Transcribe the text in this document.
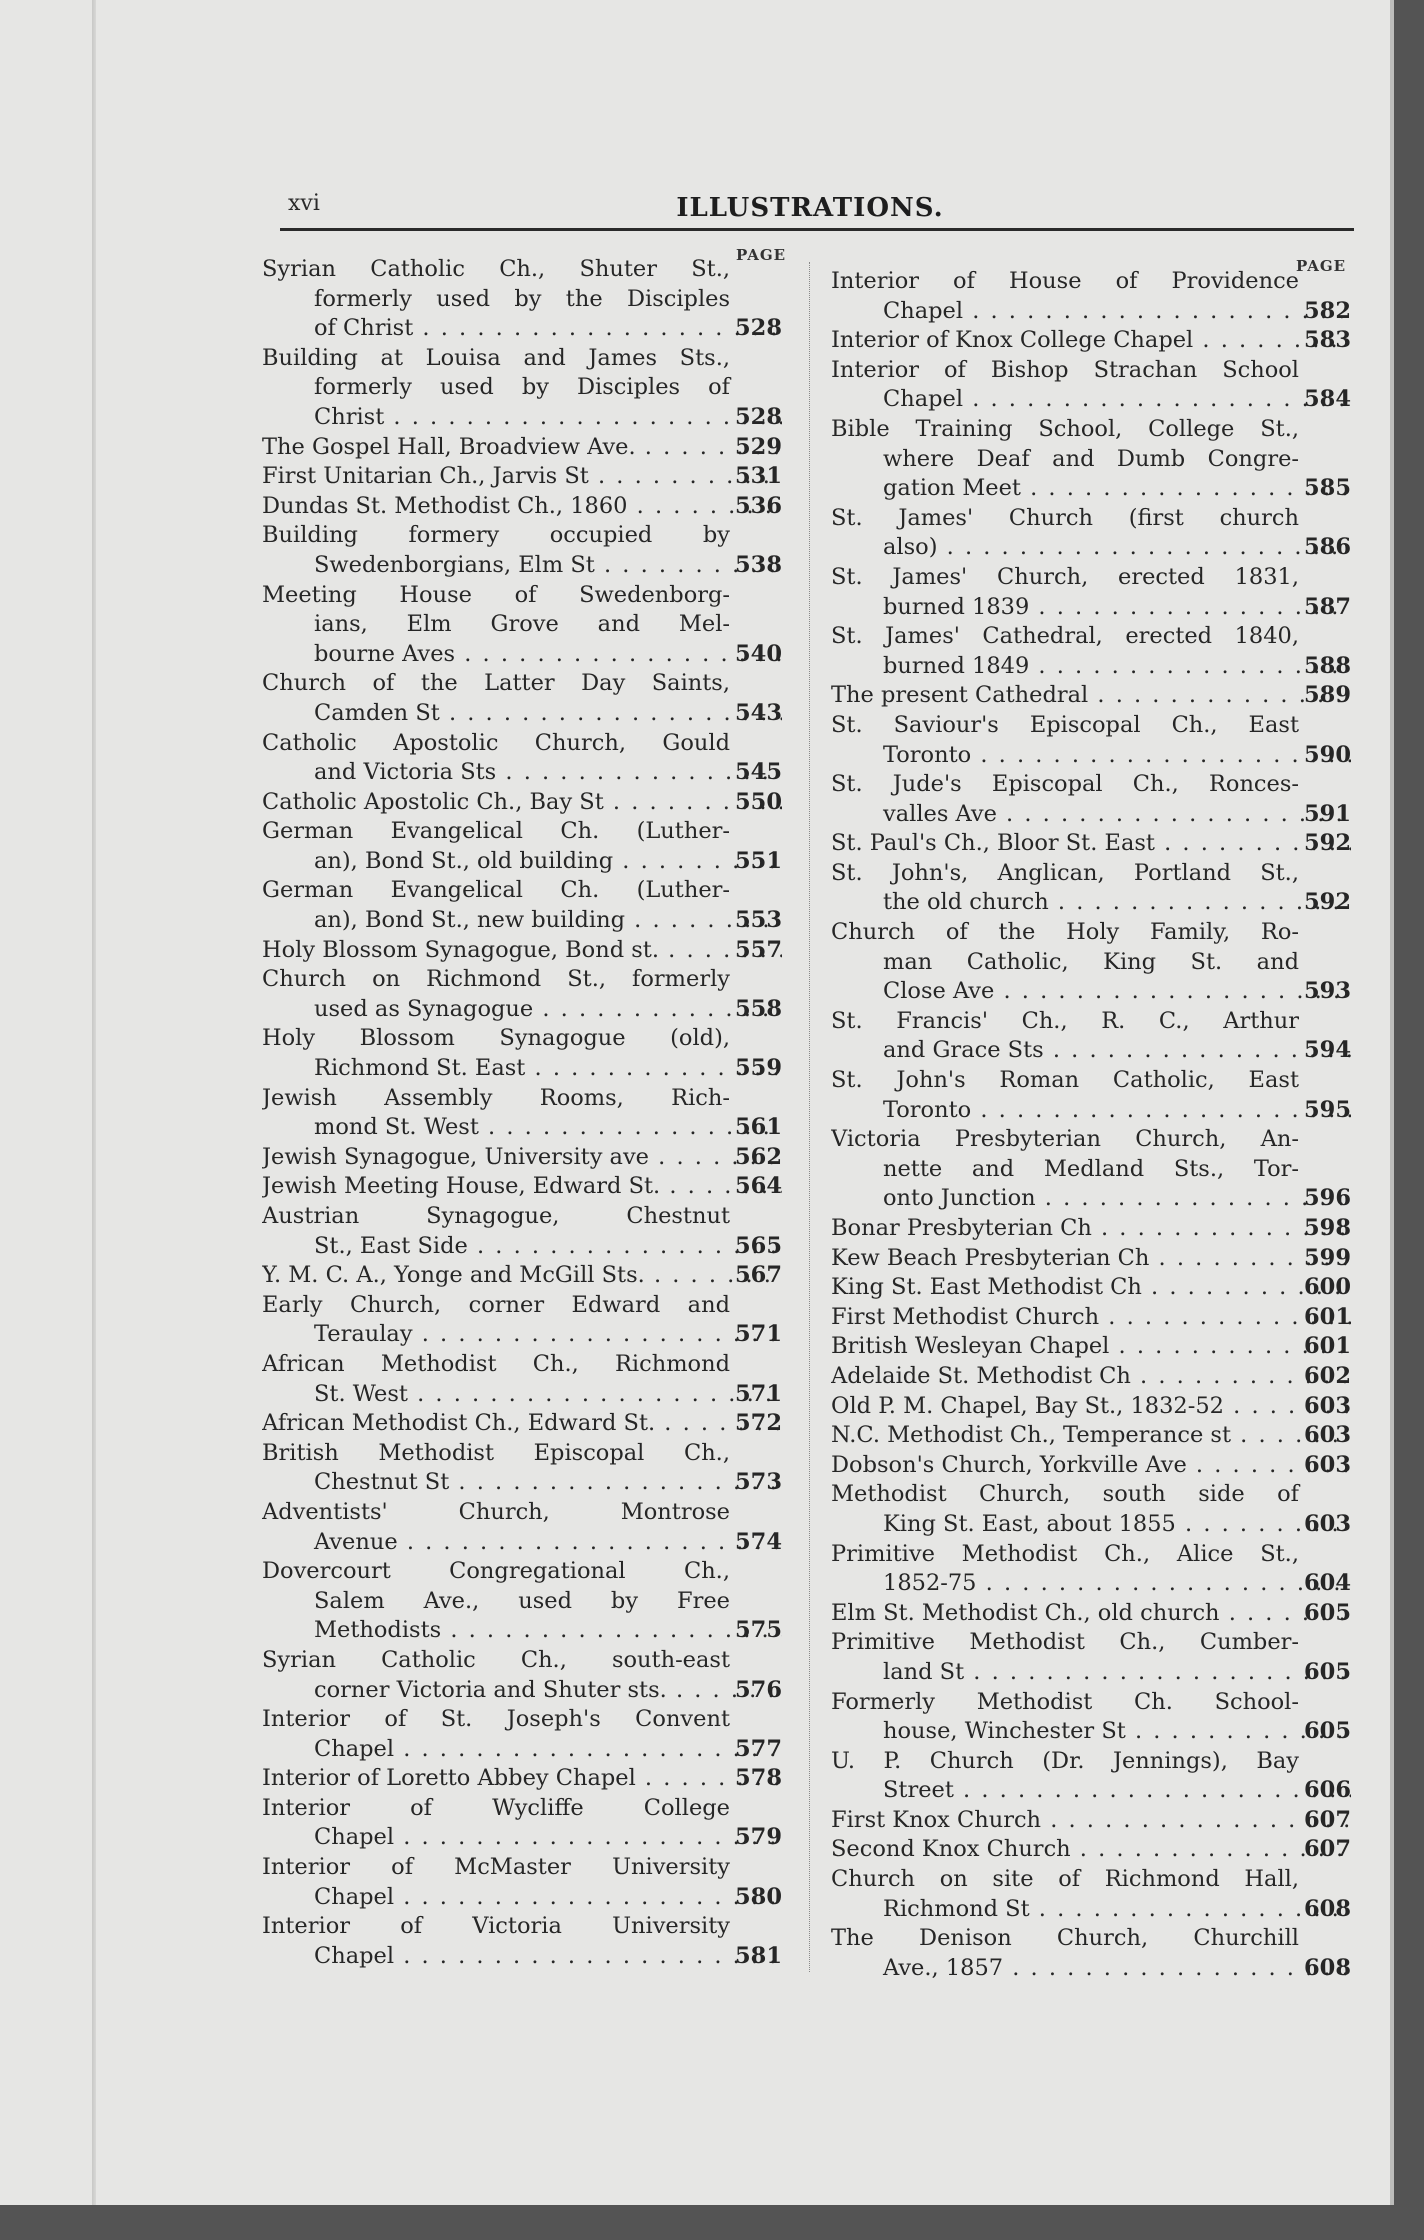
xvi	ILLUSTRATIONS.
PAGE
PAGE
Syrian Catholic Ch., Shuter St.,
formerly used by the Disciples
of Christ . . .	528
Building at Louisa and James Sts.,
formerly used by Disciples of
Christ . . .	528
The Gospel Hall, Broadview Ave. . . .	529
First Unitarian Ch., Jarvis St . . .	531
Dundas St. Methodist Ch., 1860 . . .	536
Building formery occupied by
Swedenborgians, Elm St . . .	538
Meeting House of Swedenborg-
ians, Elm Grove and Mel-
bourne Aves . . .	540
Church of the Latter Day Saints,
Camden St . . .	543
Catholic Apostolic Church, Gould
and Victoria Sts . . .	545
Catholic Apostolic Ch., Bay St . . .	550
German Evangelical Ch. (Luther-
an), Bond St., old building . . .	551
German Evangelical Ch. (Luther-
an), Bond St., new building . . .	553
Holy Blossom Synagogue, Bond st. . . .	557
Church on Richmond St., formerly
used as Synagogue . . .	558
Holy Blossom Synagogue (old),
Richmond St. East . . .	559
Jewish Assembly Rooms, Rich-
mond St. West . . .	561
Jewish Synagogue, University ave . . .	562
Jewish Meeting House, Edward St. . . .	564
Austrian Synagogue, Chestnut
St., East Side . . .	565
Y. M. C. A., Yonge and McGill Sts. . . .	567
Early Church, corner Edward and
Teraulay . . .	571
African Methodist Ch., Richmond
St. West . . .	571
African Methodist Ch., Edward St. . . .	572
British Methodist Episcopal Ch.,
Chestnut St . . .	573
Adventists' Church, Montrose
Avenue . . .	574
Dovercourt Congregational Ch.,
Salem Ave., used by Free
Methodists . . .	575
Syrian Catholic Ch., south-east
corner Victoria and Shuter sts. . . .	576
Interior of St. Joseph's Convent
Chapel . . .	577
Interior of Loretto Abbey Chapel . . .	578
Interior of Wycliffe College
Chapel . . .	579
Interior of McMaster University
Chapel . . .	580
Interior of Victoria University
Chapel . . .	581
Interior of House of Providence
Chapel . . .	582
Interior of Knox College Chapel . . .	583
Interior of Bishop Strachan School
Chapel . . .	584
Bible Training School, College St.,
where Deaf and Dumb Congre-
gation Meet . . .	585
St. James' Church (first church
also) . . .	586
St. James' Church, erected 1831,
burned 1839 . . .	587
St. James' Cathedral, erected 1840,
burned 1849 . . .	588
The present Cathedral . . .	589
St. Saviour's Episcopal Ch., East
Toronto . . .	590
St. Jude's Episcopal Ch., Ronces-
valles Ave . . .	591
St. Paul's Ch., Bloor St. East . . .	592
St. John's, Anglican, Portland St.,
the old church . . .	592
Church of the Holy Family, Ro-
man Catholic, King St. and
Close Ave . . .	593
St. Francis' Ch., R. C., Arthur
and Grace Sts . . .	594
St. John's Roman Catholic, East
Toronto . . .	595
Victoria Presbyterian Church, An-
nette and Medland Sts., Tor-
onto Junction . . .	596
Bonar Presbyterian Ch . . .	598
Kew Beach Presbyterian Ch . . .	599
King St. East Methodist Ch . . .	600
First Methodist Church . . .	601
British Wesleyan Chapel . . .	601
Adelaide St. Methodist Ch . . .	602
Old P. M. Chapel, Bay St., 1832-52 . . .	603
N.C. Methodist Ch., Temperance st . . .	603
Dobson's Church, Yorkville Ave . . .	603
Methodist Church, south side of
King St. East, about 1855 . . .	603
Primitive Methodist Ch., Alice St.,
1852-75 . . .	604
Elm St. Methodist Ch., old church . . .	605
Primitive Methodist Ch., Cumber-
land St . . .	605
Formerly Methodist Ch. School-
house, Winchester St . . .	605
U. P. Church (Dr. Jennings), Bay
Street . . .	606
First Knox Church . . .	607
Second Knox Church . . .	607
Church on site of Richmond Hall,
Richmond St . . .	608
The Denison Church, Churchill
Ave., 1857 . . .	608
